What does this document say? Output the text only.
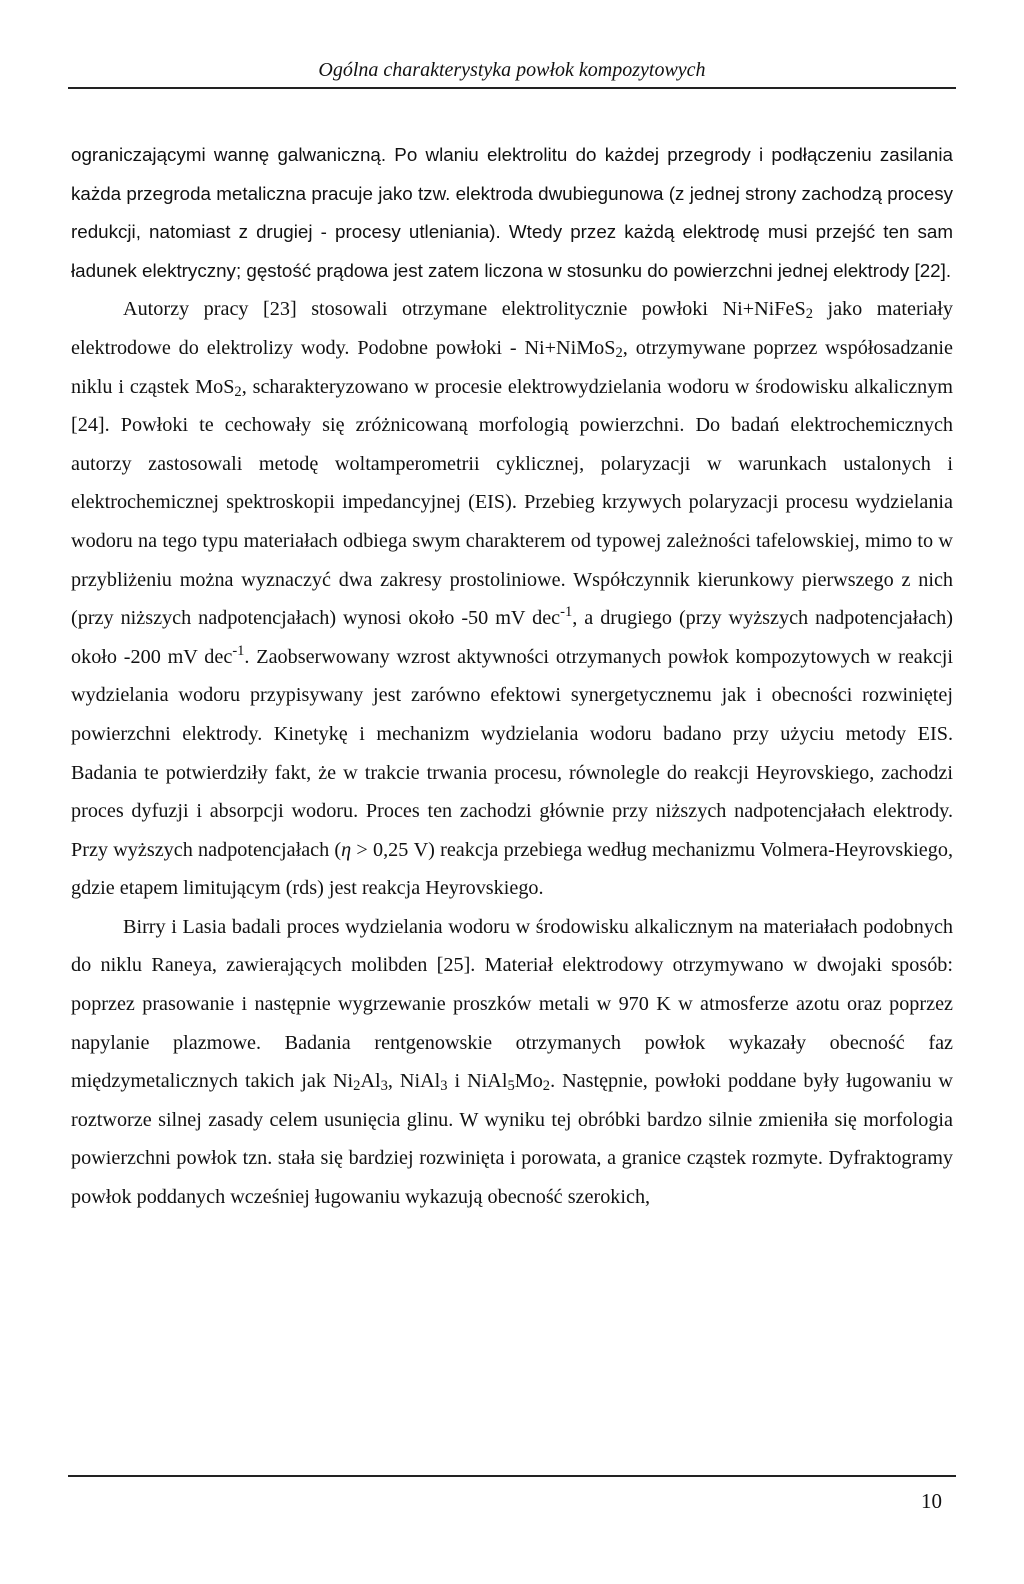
Ogólna charakterystyka powłok kompozytowych

ograniczającymi wannę galwaniczną. Po wlaniu elektrolitu do każdej przegrody i podłączeniu zasilania każda przegroda metaliczna pracuje jako tzw. elektroda dwubiegunowa (z jednej strony zachodzą procesy redukcji, natomiast z drugiej - procesy utleniania). Wtedy przez każdą elektrodę musi przejść ten sam ładunek elektryczny; gęstość prądowa jest zatem liczona w stosunku do powierzchni jednej elektrody [22].

Autorzy pracy [23] stosowali otrzymane elektrolitycznie powłoki Ni+NiFeS$_2$ jako materiały elektrodowe do elektrolizy wody. Podobne powłoki - Ni+NiMoS$_2$, otrzymywane poprzez współosadzanie niklu i cząstek MoS$_2$, scharakteryzowano w procesie elektrowydzielania wodoru w środowisku alkalicznym [24]. Powłoki te cechowały się zróżnicowaną morfologią powierzchni. Do badań elektrochemicznych autorzy zastosowali metodę woltamperometrii cyklicznej, polaryzacji w warunkach ustalonych i elektrochemicznej spektroskopii impedancyjnej (EIS). Przebieg krzywych polaryzacji procesu wydzielania wodoru na tego typu materiałach odbiega swym charakterem od typowej zależności tafelowskiej, mimo to w przybliżeniu można wyznaczyć dwa zakresy prostoliniowe. Współczynnik kierunkowy pierwszego z nich (przy niższych nadpotencjałach) wynosi około -50 mV dec$^{-1}$, a drugiego (przy wyższych nadpotencjałach) około -200 mV dec$^{-1}$. Zaobserwowany wzrost aktywności otrzymanych powłok kompozytowych w reakcji wydzielania wodoru przypisywany jest zarówno efektowi synergetycznemu jak i obecności rozwiniętej powierzchni elektrody. Kinetykę i mechanizm wydzielania wodoru badano przy użyciu metody EIS. Badania te potwierdziły fakt, że w trakcie trwania procesu, równolegle do reakcji Heyrovskiego, zachodzi proces dyfuzji i absorpcji wodoru. Proces ten zachodzi głównie przy niższych nadpotencjałach elektrody. Przy wyższych nadpotencjałach (η > 0,25 V) reakcja przebiega według mechanizmu Volmera-Heyrovskiego, gdzie etapem limitującym (rds) jest reakcja Heyrovskiego.

Birry i Lasia badali proces wydzielania wodoru w środowisku alkalicznym na materiałach podobnych do niklu Raneya, zawierających molibden [25]. Materiał elektrodowy otrzymywano w dwojaki sposób: poprzez prasowanie i następnie wygrzewanie proszków metali w 970 K w atmosferze azotu oraz poprzez napylanie plazmowe. Badania rentgenowskie otrzymanych powłok wykazały obecność faz międzymetalicznych takich jak $Ni_2Al_3$, NiAl$_3$ i $NiAl_5Mo_2$. Następnie, powłoki poddane były ługowaniu w roztworze silnej zasady celem usunięcia glinu. W wyniku tej obróbki bardzo silnie zmieniła się morfologia powierzchni powłok tzn. stała się bardziej rozwinięta i porowata, a granice cząstek rozmyte. Dyfraktogramy powłok poddanych wcześniej ługowaniu wykazują obecność szerokich,

10
